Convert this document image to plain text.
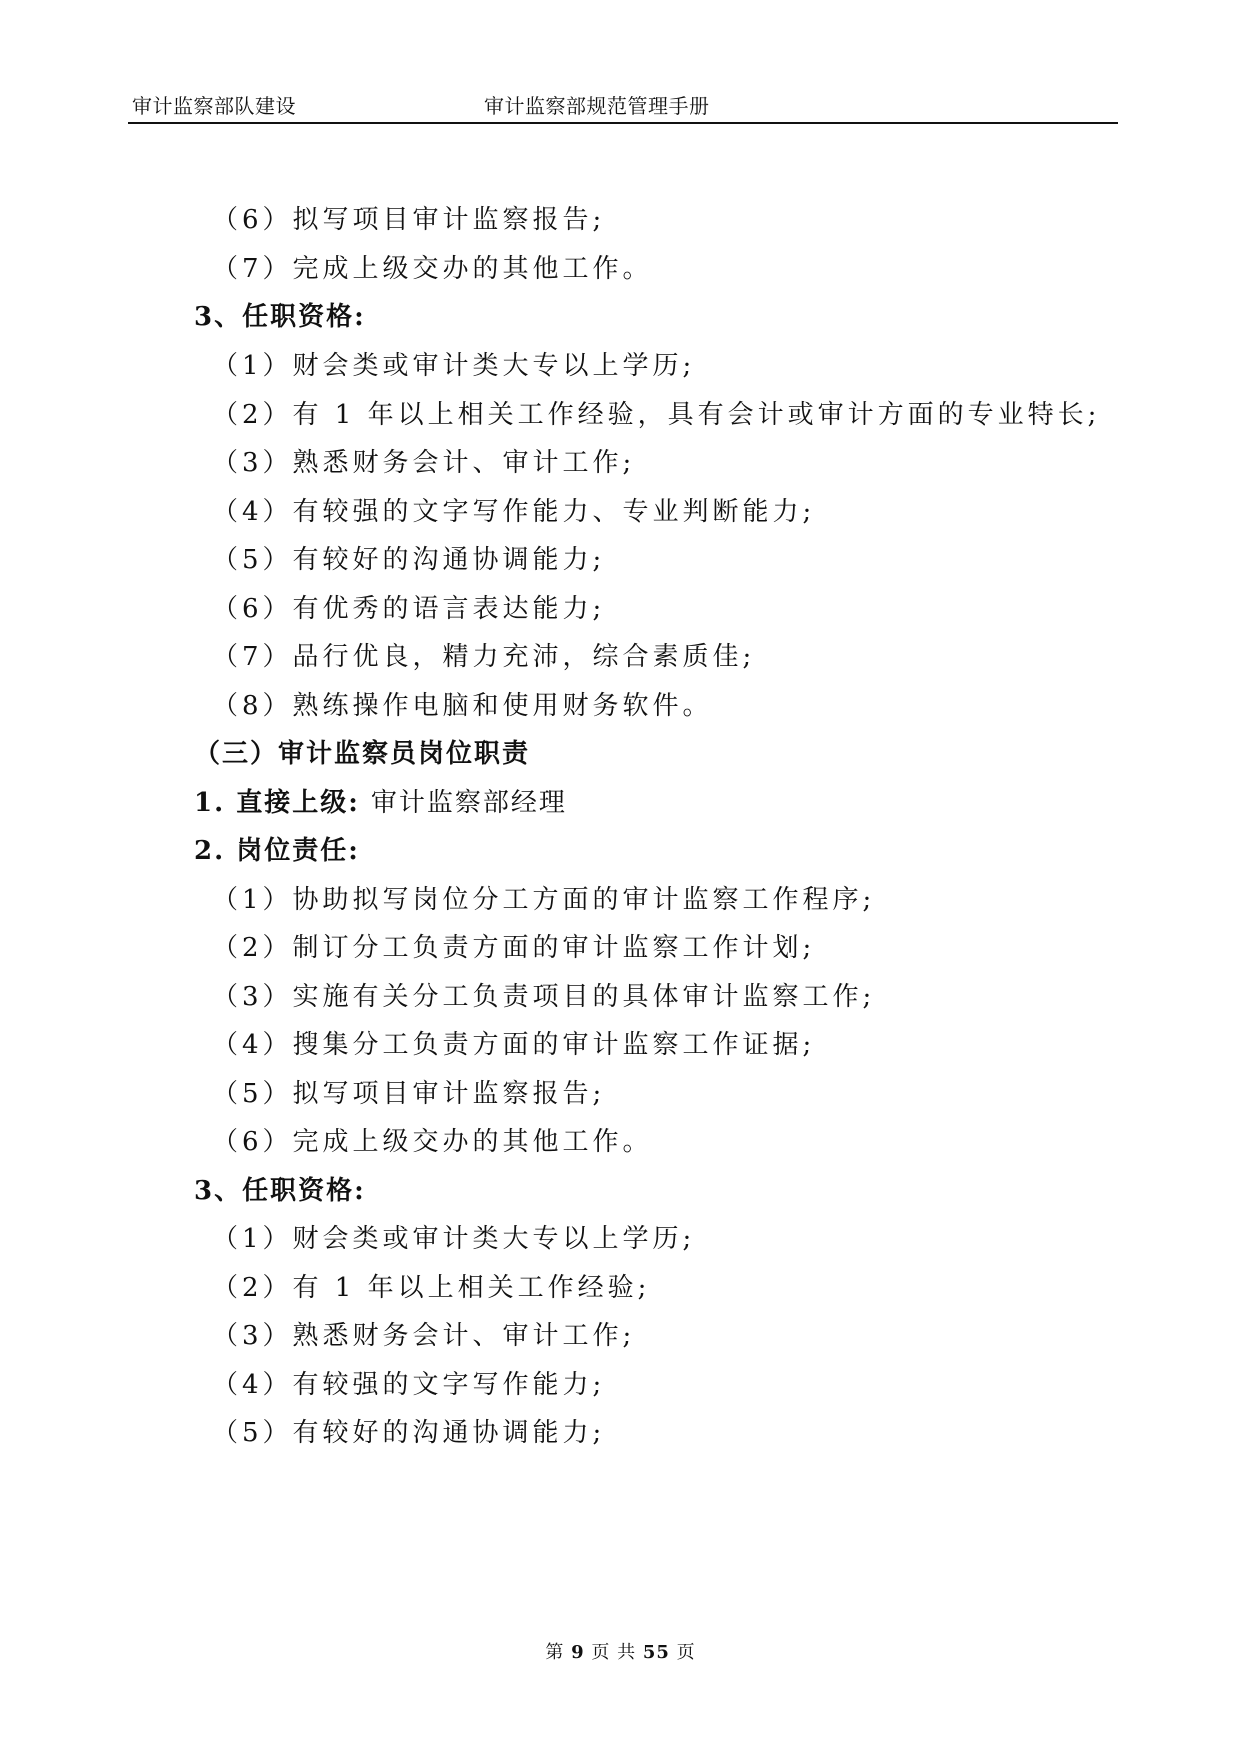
审计监察部队建设	审计监察部规范管理手册
（6）拟写项目审计监察报告;
（7）完成上级交办的其他工作。
3、任职资格:
（1）财会类或审计类大专以上学历;
（2）有 1 年以上相关工作经验，具有会计或审计方面的专业特长;
（3）熟悉财务会计、审计工作;
（4）有较强的文字写作能力、专业判断能力;
（5）有较好的沟通协调能力;
（6）有优秀的语言表达能力;
（7）品行优良，精力充沛，综合素质佳;
（8）熟练操作电脑和使用财务软件。
（三）审计监察员岗位职责
1. 直接上级: 审计监察部经理
2. 岗位责任:
（1）协助拟写岗位分工方面的审计监察工作程序;
（2）制订分工负责方面的审计监察工作计划;
（3）实施有关分工负责项目的具体审计监察工作;
（4）搜集分工负责方面的审计监察工作证据;
（5）拟写项目审计监察报告;
（6）完成上级交办的其他工作。
3、任职资格:
（1）财会类或审计类大专以上学历;
（2）有 1 年以上相关工作经验;
（3）熟悉财务会计、审计工作;
（4）有较强的文字写作能力;
（5）有较好的沟通协调能力;
第 9 页 共 55 页
